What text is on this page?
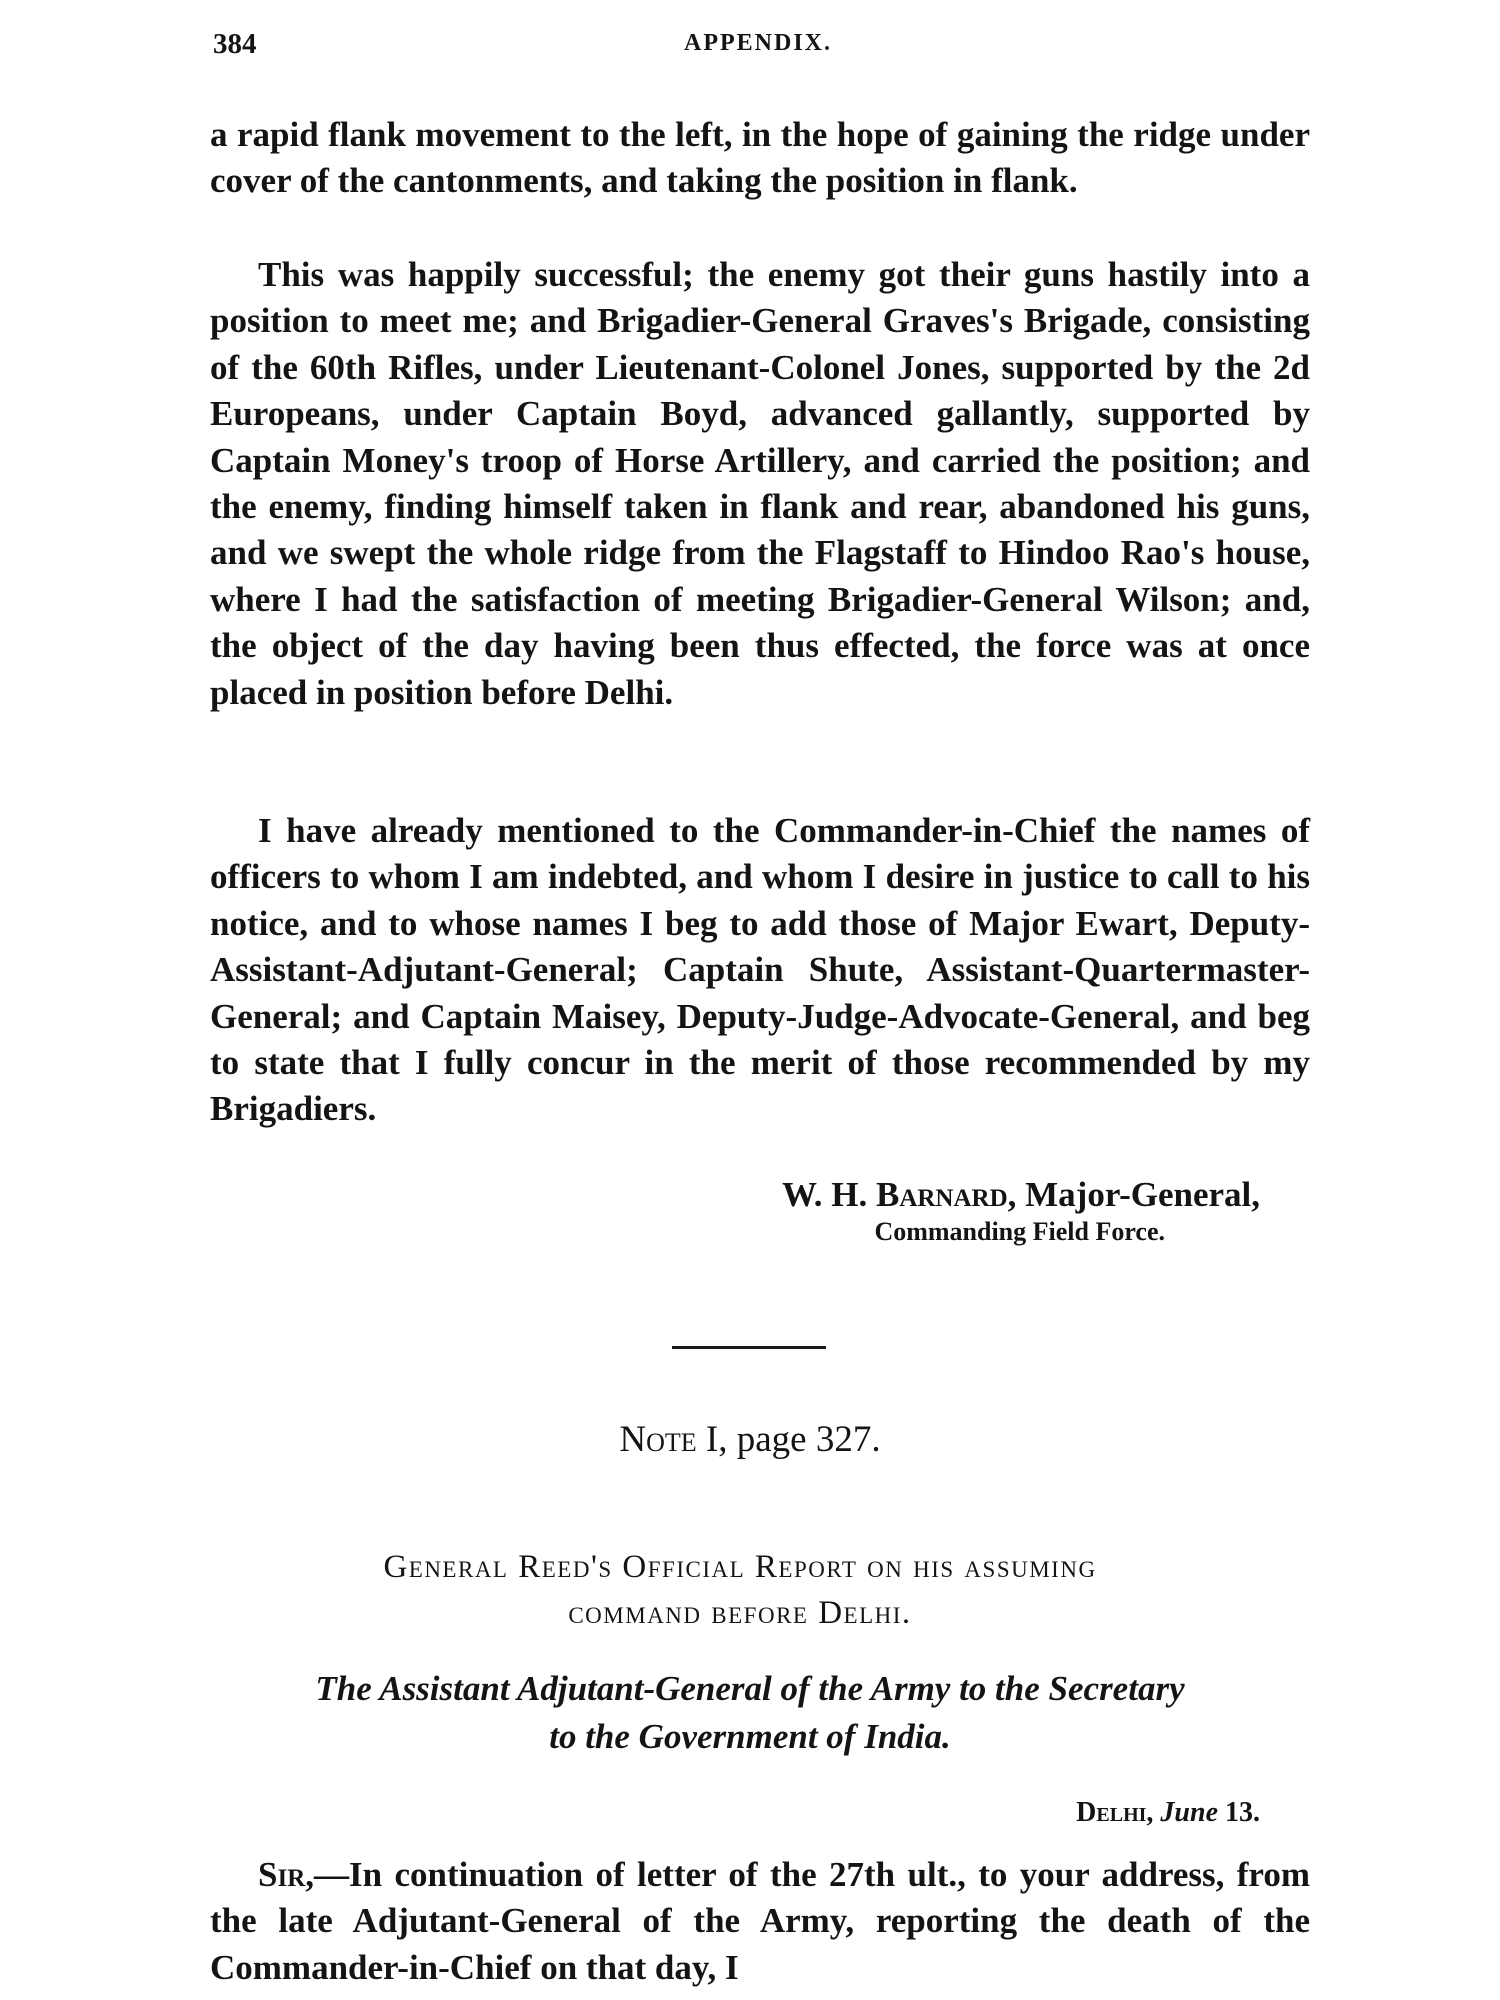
384	APPENDIX.

a rapid flank movement to the left, in the hope of gaining the ridge under cover of the cantonments, and taking the position in flank.

This was happily successful; the enemy got their guns hastily into a position to meet me; and Brigadier-General Graves's Brigade, consisting of the 60th Rifles, under Lieutenant-Colonel Jones, supported by the 2d Europeans, under Captain Boyd, advanced gallantly, supported by Captain Money's troop of Horse Artillery, and carried the position; and the enemy, finding himself taken in flank and rear, abandoned his guns, and we swept the whole ridge from the Flagstaff to Hindoo Rao's house, where I had the satisfaction of meeting Brigadier-General Wilson; and, the object of the day having been thus effected, the force was at once placed in position before Delhi.

I have already mentioned to the Commander-in-Chief the names of officers to whom I am indebted, and whom I desire in justice to call to his notice, and to whose names I beg to add those of Major Ewart, Deputy-Assistant-Adjutant-General; Captain Shute, Assistant-Quartermaster-General; and Captain Maisey, Deputy-Judge-Advocate-General, and beg to state that I fully concur in the merit of those recommended by my Brigadiers.

W. H. Barnard, Major-General,
Commanding Field Force.
Note I, page 327.
General Reed's Official Report on his assuming
command before Delhi.
The Assistant Adjutant-General of the Army to the Secretary
to the Government of India.
Delhi, June 13.

Sir,—In continuation of letter of the 27th ult., to your address, from the late Adjutant-General of the Army, reporting the death of the Commander-in-Chief on that day, I
